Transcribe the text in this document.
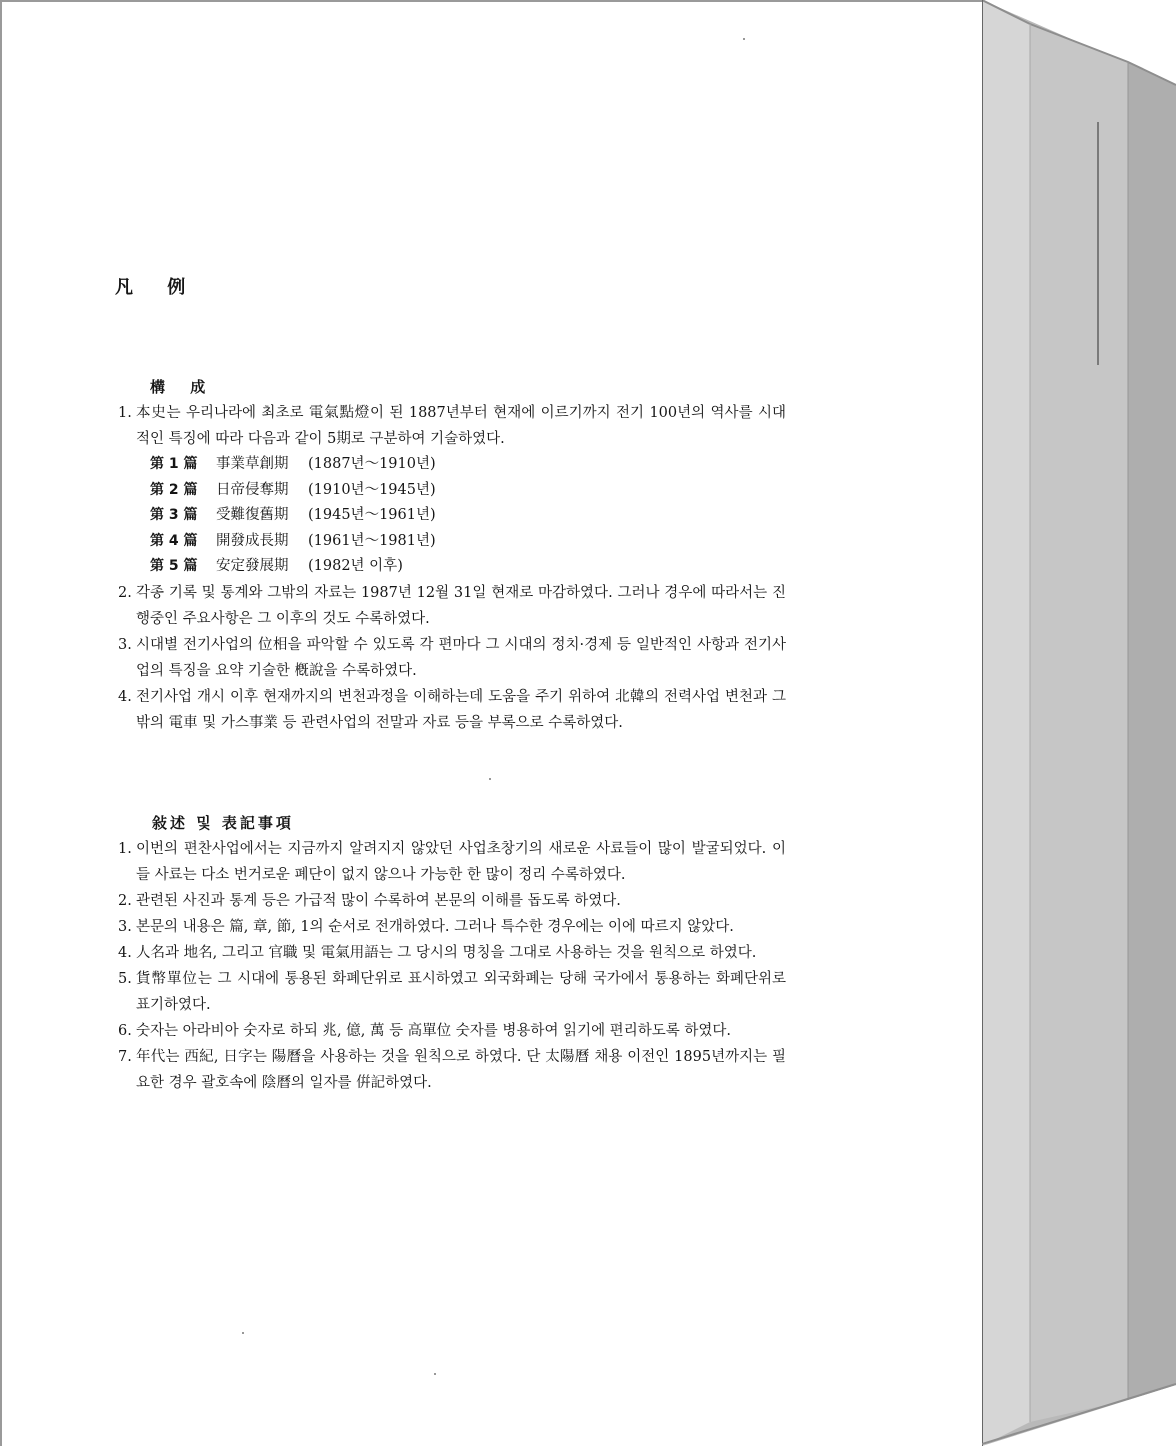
凡 例
構 成
1. 本史는 우리나라에 최초로 電氣點燈이 된 1887년부터 현재에 이르기까지 전기 100년의 역사를 시대적인 특징에 따라 다음과 같이 5期로 구분하여 기술하였다.
第 1 篇 事業草創期 (1887년～1910년)
第 2 篇 日帝侵奪期 (1910년～1945년)
第 3 篇 受難復舊期 (1945년～1961년)
第 4 篇 開發成長期 (1961년～1981년)
第 5 篇 安定發展期 (1982년 이후)
2. 각종 기록 및 통계와 그밖의 자료는 1987년 12월 31일 현재로 마감하였다. 그러나 경우에 따라서는 진행중인 주요사항은 그 이후의 것도 수록하였다.
3. 시대별 전기사업의 位相을 파악할 수 있도록 각 편마다 그 시대의 정치·경제 등 일반적인 사항과 전기사업의 특징을 요약 기술한 槪說을 수록하였다.
4. 전기사업 개시 이후 현재까지의 변천과정을 이해하는데 도움을 주기 위하여 北韓의 전력사업 변천과 그밖의 電車 및 가스事業 등 관련사업의 전말과 자료 등을 부록으로 수록하였다.
敍述 및 表記事項
1. 이번의 편찬사업에서는 지금까지 알려지지 않았던 사업초창기의 새로운 사료들이 많이 발굴되었다. 이들 사료는 다소 번거로운 폐단이 없지 않으나 가능한 한 많이 정리 수록하였다.
2. 관련된 사진과 통계 등은 가급적 많이 수록하여 본문의 이해를 돕도록 하였다.
3. 본문의 내용은 篇, 章, 節, 1의 순서로 전개하였다. 그러나 특수한 경우에는 이에 따르지 않았다.
4. 人名과 地名, 그리고 官職 및 電氣用語는 그 당시의 명칭을 그대로 사용하는 것을 원칙으로 하였다.
5. 貨幣單位는 그 시대에 통용된 화폐단위로 표시하였고 외국화폐는 당해 국가에서 통용하는 화폐단위로 표기하였다.
6. 숫자는 아라비아 숫자로 하되 兆, 億, 萬 등 高單位 숫자를 병용하여 읽기에 편리하도록 하였다.
7. 年代는 西紀, 日字는 陽曆을 사용하는 것을 원칙으로 하였다. 단 太陽曆 채용 이전인 1895년까지는 필요한 경우 괄호속에 陰曆의 일자를 倂記하였다.
